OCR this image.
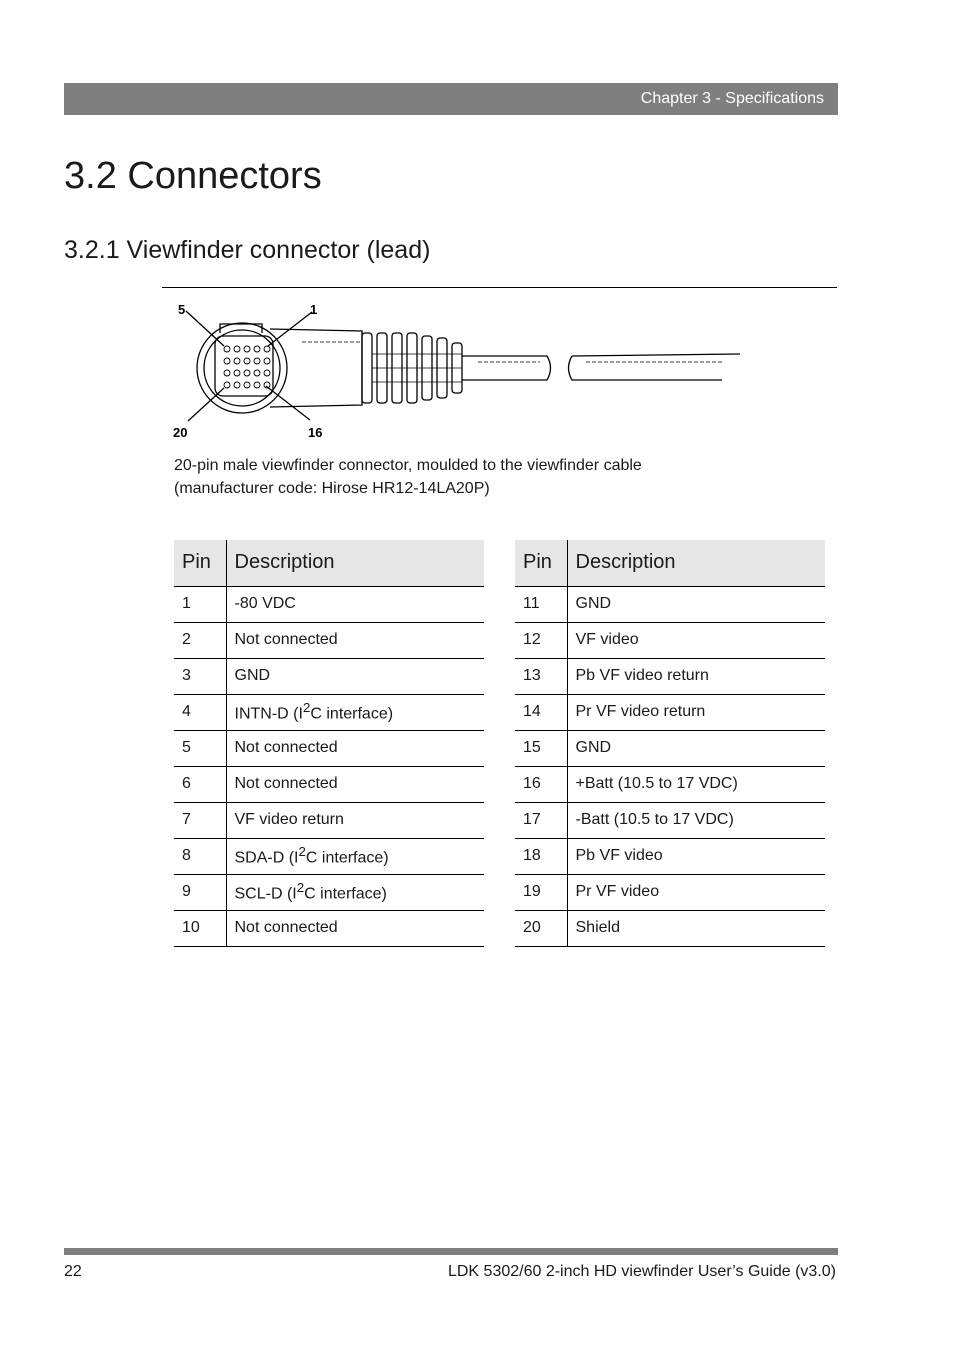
Chapter 3 - Specifications
3.2 Connectors
3.2.1 Viewfinder connector (lead)
5	1
20	16
20-pin male viewfinder connector, moulded to the viewfinder cable
(manufacturer code: Hirose HR12-14LA20P)
Pin	Description
1	-80 VDC
2	Not connected
3	GND
4	INTN-D ($I^2C$ interface)
5	Not connected
6	Not connected
7	VF video return
8	SDA-D ($I^2C$ interface)
9	SCL-D ($I^2C$ interface)
10	Not connected
Pin	Description
11	GND
12	VF video
13	Pb VF video return
14	Pr VF video return
15	GND
16	+Batt (10.5 to 17 VDC)
17	-Batt (10.5 to 17 VDC)
18	Pb VF video
19	Pr VF video
20	Shield
22	LDK 5302/60 2-inch HD viewfinder User’s Guide (v3.0)
